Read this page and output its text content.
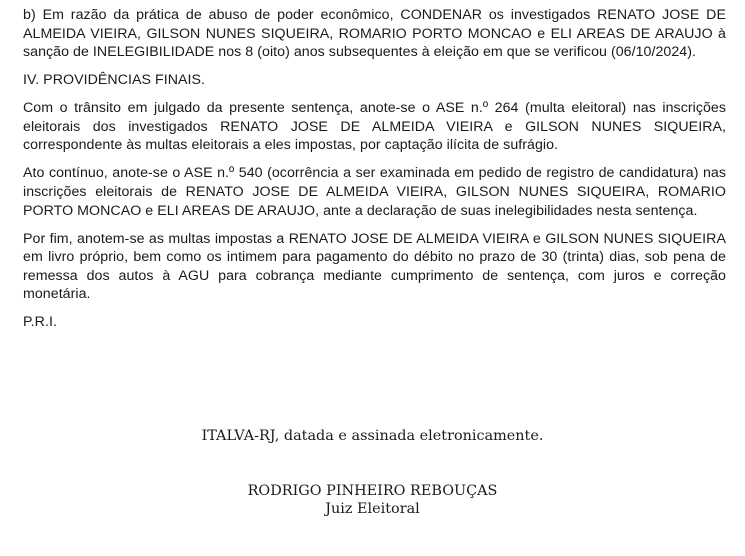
b) Em razão da prática de abuso de poder econômico, CONDENAR os investigados RENATO JOSE DE ALMEIDA VIEIRA, GILSON NUNES SIQUEIRA, ROMARIO PORTO MONCAO e ELI AREAS DE ARAUJO à sanção de INELEGIBILIDADE nos 8 (oito) anos subsequentes à eleição em que se verificou (06/10/2024).

IV. PROVIDÊNCIAS FINAIS.

Com o trânsito em julgado da presente sentença, anote-se o ASE n.º 264 (multa eleitoral) nas inscrições eleitorais dos investigados RENATO JOSE DE ALMEIDA VIEIRA e GILSON NUNES SIQUEIRA, correspondente às multas eleitorais a eles impostas, por captação ilícita de sufrágio.

Ato contínuo, anote-se o ASE n.º 540 (ocorrência a ser examinada em pedido de registro de candidatura) nas inscrições eleitorais de RENATO JOSE DE ALMEIDA VIEIRA, GILSON NUNES SIQUEIRA, ROMARIO PORTO MONCAO e ELI AREAS DE ARAUJO, ante a declaração de suas inelegibilidades nesta sentença.

Por fim, anotem-se as multas impostas a RENATO JOSE DE ALMEIDA VIEIRA e GILSON NUNES SIQUEIRA em livro próprio, bem como os intimem para pagamento do débito no prazo de 30 (trinta) dias, sob pena de remessa dos autos à AGU para cobrança mediante cumprimento de sentença, com juros e correção monetária.

P.R.I.

ITALVA-RJ, datada e assinada eletronicamente.
RODRIGO PINHEIRO REBOUÇAS
Juiz Eleitoral
